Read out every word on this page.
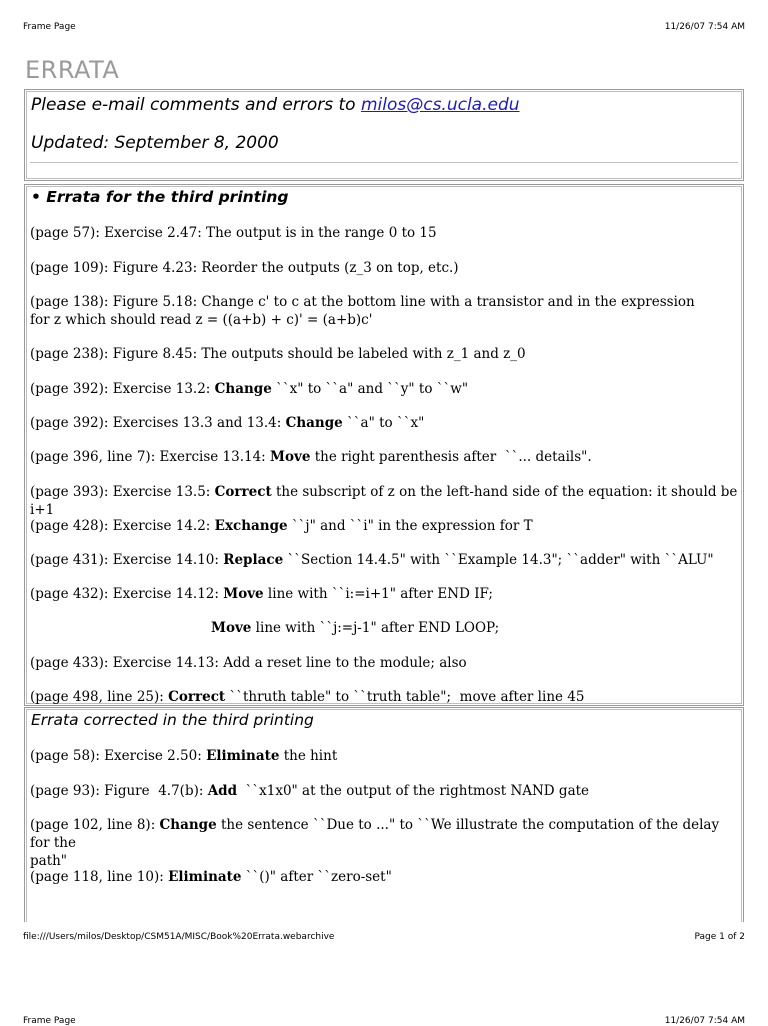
Frame Page	11/26/07 7:54 AM
ERRATA
Please e-mail comments and errors to milos@cs.ucla.edu
Updated: September 8, 2000
• Errata for the third printing
(page 57): Exercise 2.47: The output is in the range 0 to 15
(page 109): Figure 4.23: Reorder the outputs (z_3 on top, etc.)
(page 138): Figure 5.18: Change c' to c at the bottom line with a transistor and in the expression
for z which should read z = ((a+b) + c)' = (a+b)c'
(page 238): Figure 8.45: The outputs should be labeled with z_1 and z_0
(page 392): Exercise 13.2: Change ``x" to ``a" and ``y" to ``w"
(page 392): Exercises 13.3 and 13.4: Change ``a" to ``x"
(page 396, line 7): Exercise 13.14: Move the right parenthesis after  ``... details".
(page 393): Exercise 13.5: Correct the subscript of z on the left-hand side of the equation: it should be i+1
(page 428): Exercise 14.2: Exchange ``j" and ``i" in the expression for T
(page 431): Exercise 14.10: Replace ``Section 14.4.5" with ``Example 14.3"; ``adder" with ``ALU"
(page 432): Exercise 14.12: Move line with ``i:=i+1" after END IF;
Move line with ``j:=j-1" after END LOOP;
(page 433): Exercise 14.13: Add a reset line to the module; also
(page 498, line 25): Correct ``thruth table" to ``truth table";  move after line 45
Errata corrected in the third printing
(page 58): Exercise 2.50: Eliminate the hint
(page 93): Figure  4.7(b): Add  ``x1x0" at the output of the rightmost NAND gate
(page 102, line 8): Change the sentence ``Due to ..." to ``We illustrate the computation of the delay  for the
path"
(page 118, line 10): Eliminate ``()" after ``zero-set"
file:///Users/milos/Desktop/CSM51A/MISC/Book%20Errata.webarchive	Page 1 of 2
Frame Page	11/26/07 7:54 AM
